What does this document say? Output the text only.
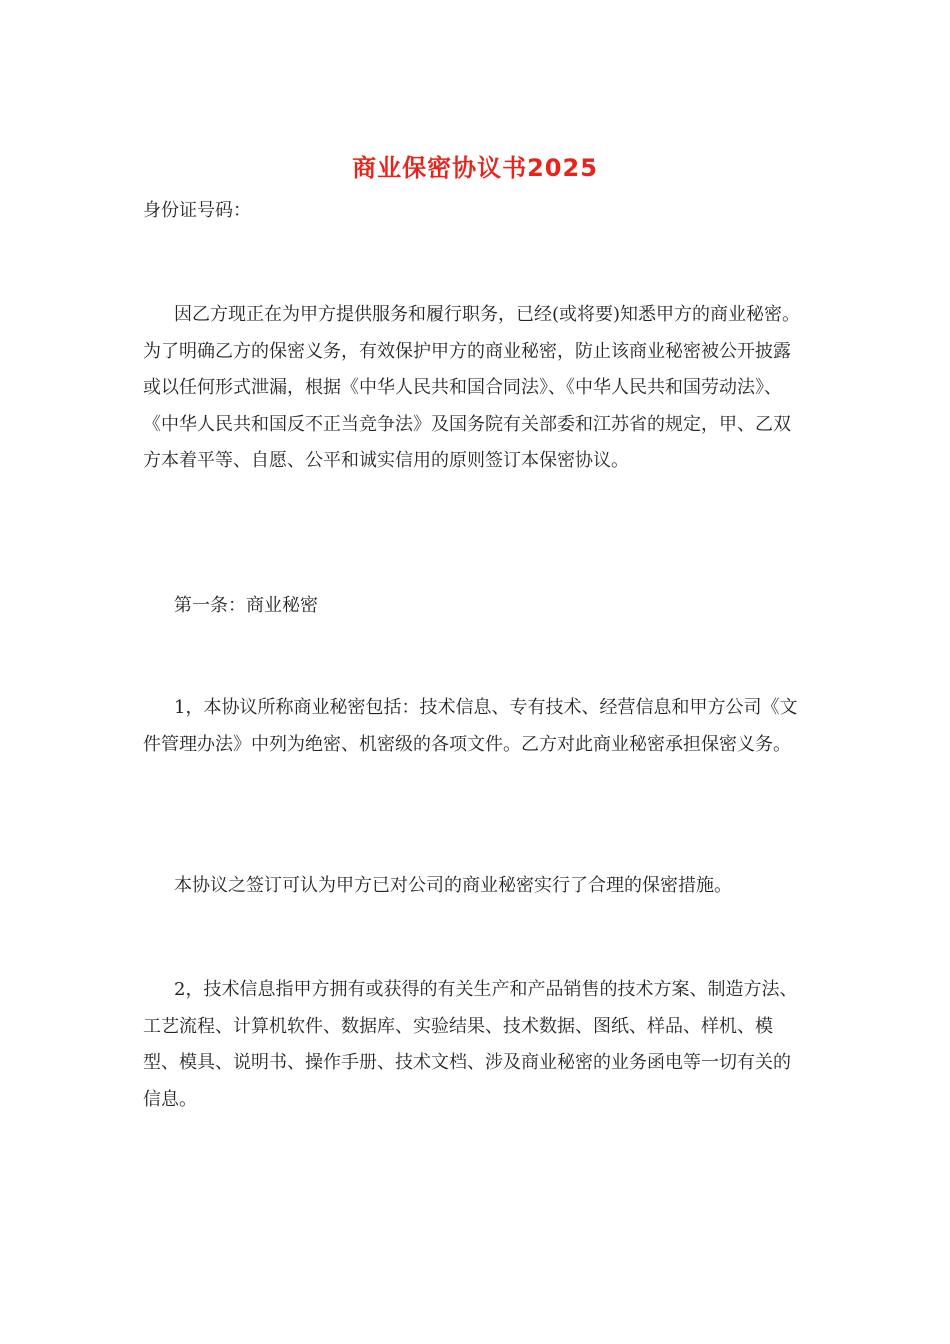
商业保密协议书2025

身份证号码：

因乙方现正在为甲方提供服务和履行职务，已经(或将要)知悉甲方的商业秘密。为了明确乙方的保密义务，有效保护甲方的商业秘密，防止该商业秘密被公开披露或以任何形式泄漏，根据《中华人民共和国合同法》、《中华人民共和国劳动法》、《中华人民共和国反不正当竞争法》及国务院有关部委和江苏省的规定，甲、乙双方本着平等、自愿、公平和诚实信用的原则签订本保密协议。

第一条：商业秘密

1，本协议所称商业秘密包括：技术信息、专有技术、经营信息和甲方公司《文件管理办法》中列为绝密、机密级的各项文件。乙方对此商业秘密承担保密义务。

本协议之签订可认为甲方已对公司的商业秘密实行了合理的保密措施。

2，技术信息指甲方拥有或获得的有关生产和产品销售的技术方案、制造方法、工艺流程、计算机软件、数据库、实验结果、技术数据、图纸、样品、样机、模型、模具、说明书、操作手册、技术文档、涉及商业秘密的业务函电等一切有关的信息。
